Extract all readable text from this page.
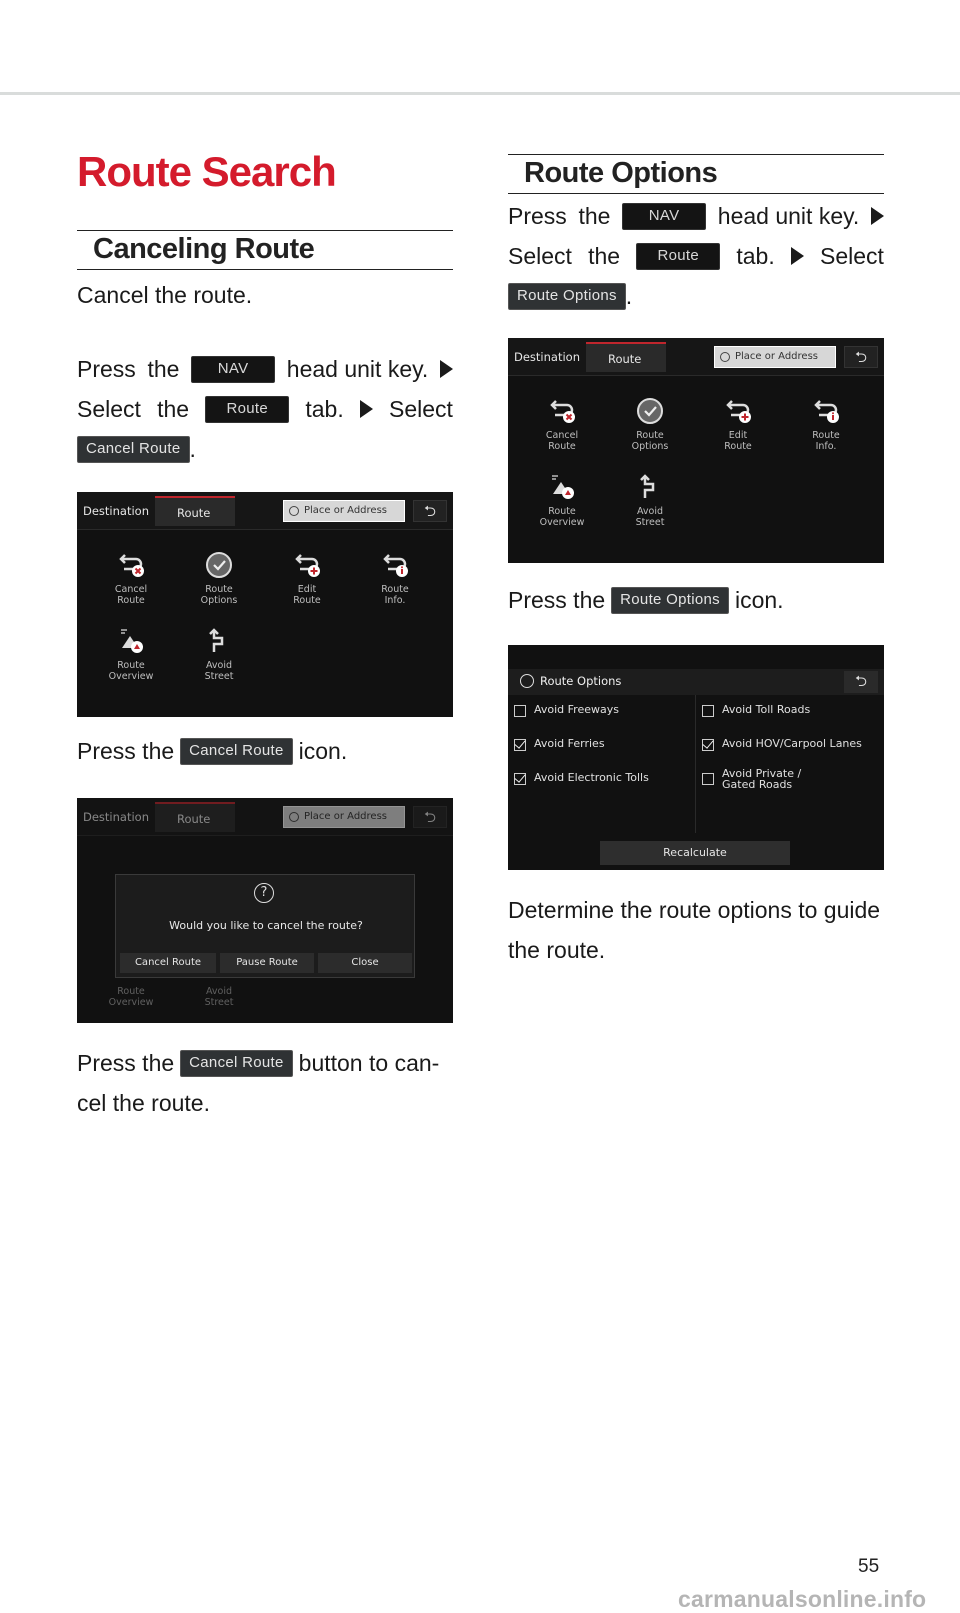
Route Search
Canceling Route
Cancel the route.
Press the	NAV	head unit key.
Select the	Route	tab. Select
Cancel Route .
Destination	Route	Place or Address	⮌
Cancel
Route
Route
Options
Edit
Route
Route
Info.
Route
Overview
Avoid
Street
Press the	Cancel Route icon.
Destination	Route	Place or Address	⮌
Route
Overview
Avoid
Street
?
Would you like to cancel the route?
Cancel Route	Pause Route	Close
Press the	Cancel Route button to can-
cel the route.
Route Options
Press the	NAV	head unit key.
Select the	Route	tab. Select
Route Options .
Destination	Route	Place or Address	⮌
Cancel
Route
Route
Options
Edit
Route
Route
Info.
Route
Overview
Avoid
Street
Press the	Route Options icon.
Route Options	⮌
Avoid Freeways	Avoid Toll Roads
Avoid Ferries	Avoid HOV/Carpool Lanes
Avoid Electronic Tolls	Avoid Private /
Gated Roads

Recalculate
Determine the route options to guide
the route.
55
carmanualsonline.info
